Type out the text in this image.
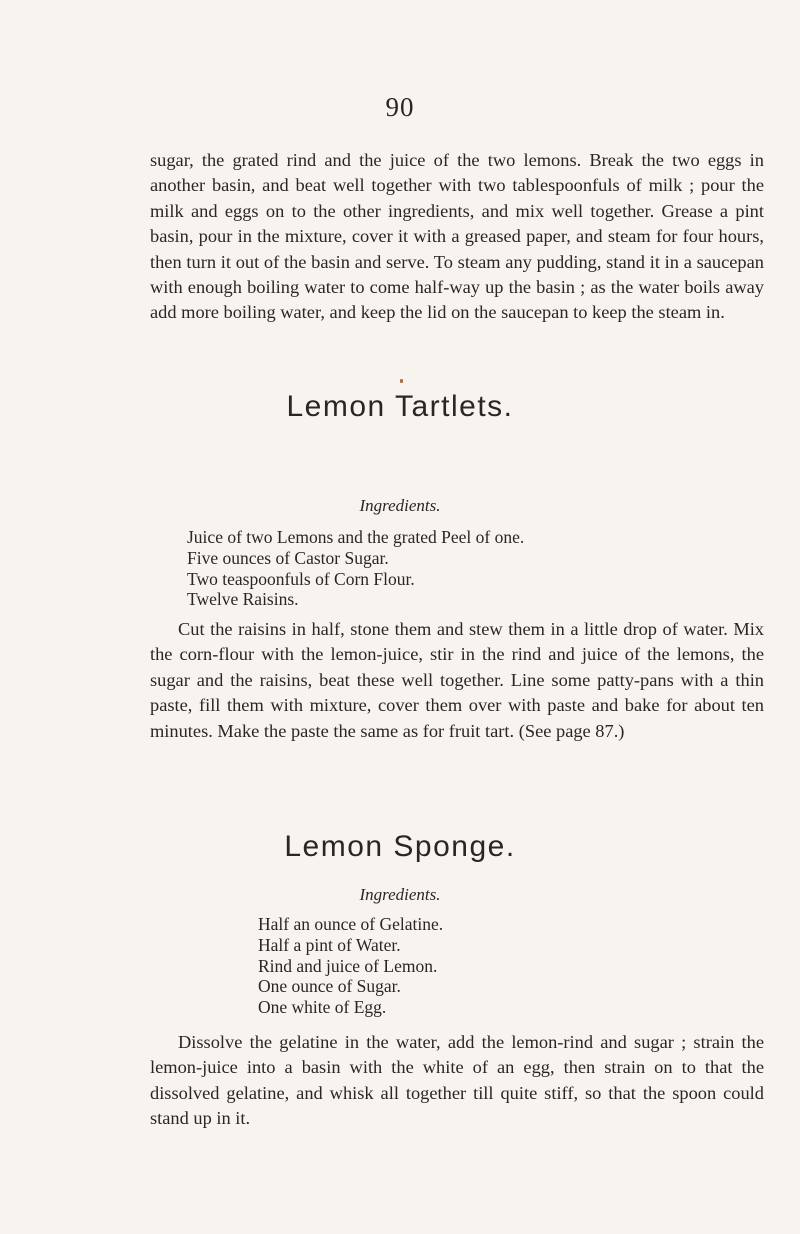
90

sugar, the grated rind and the juice of the two lemons. Break the two eggs in another basin, and beat well together with two tablespoonfuls of milk ; pour the milk and eggs on to the other ingredients, and mix well together. Grease a pint basin, pour in the mixture, cover it with a greased paper, and steam for four hours, then turn it out of the basin and serve. To steam any pudding, stand it in a saucepan with enough boiling water to come half-way up the basin ; as the water boils away add more boiling water, and keep the lid on the saucepan to keep the steam in.

Lemon Tartlets.

Ingredients.

Juice of two Lemons and the grated Peel of one.
Five ounces of Castor Sugar.
Two teaspoonfuls of Corn Flour.
Twelve Raisins.

Cut the raisins in half, stone them and stew them in a little drop of water. Mix the corn-flour with the lemon-juice, stir in the rind and juice of the lemons, the sugar and the raisins, beat these well together. Line some patty-pans with a thin paste, fill them with mixture, cover them over with paste and bake for about ten minutes. Make the paste the same as for fruit tart. (See page 87.)

Lemon Sponge.

Ingredients.

Half an ounce of Gelatine.
Half a pint of Water.
Rind and juice of Lemon.
One ounce of Sugar.
One white of Egg.

Dissolve the gelatine in the water, add the lemon-rind and sugar ; strain the lemon-juice into a basin with the white of an egg, then strain on to that the dissolved gelatine, and whisk all together till quite stiff, so that the spoon could stand up in it.
